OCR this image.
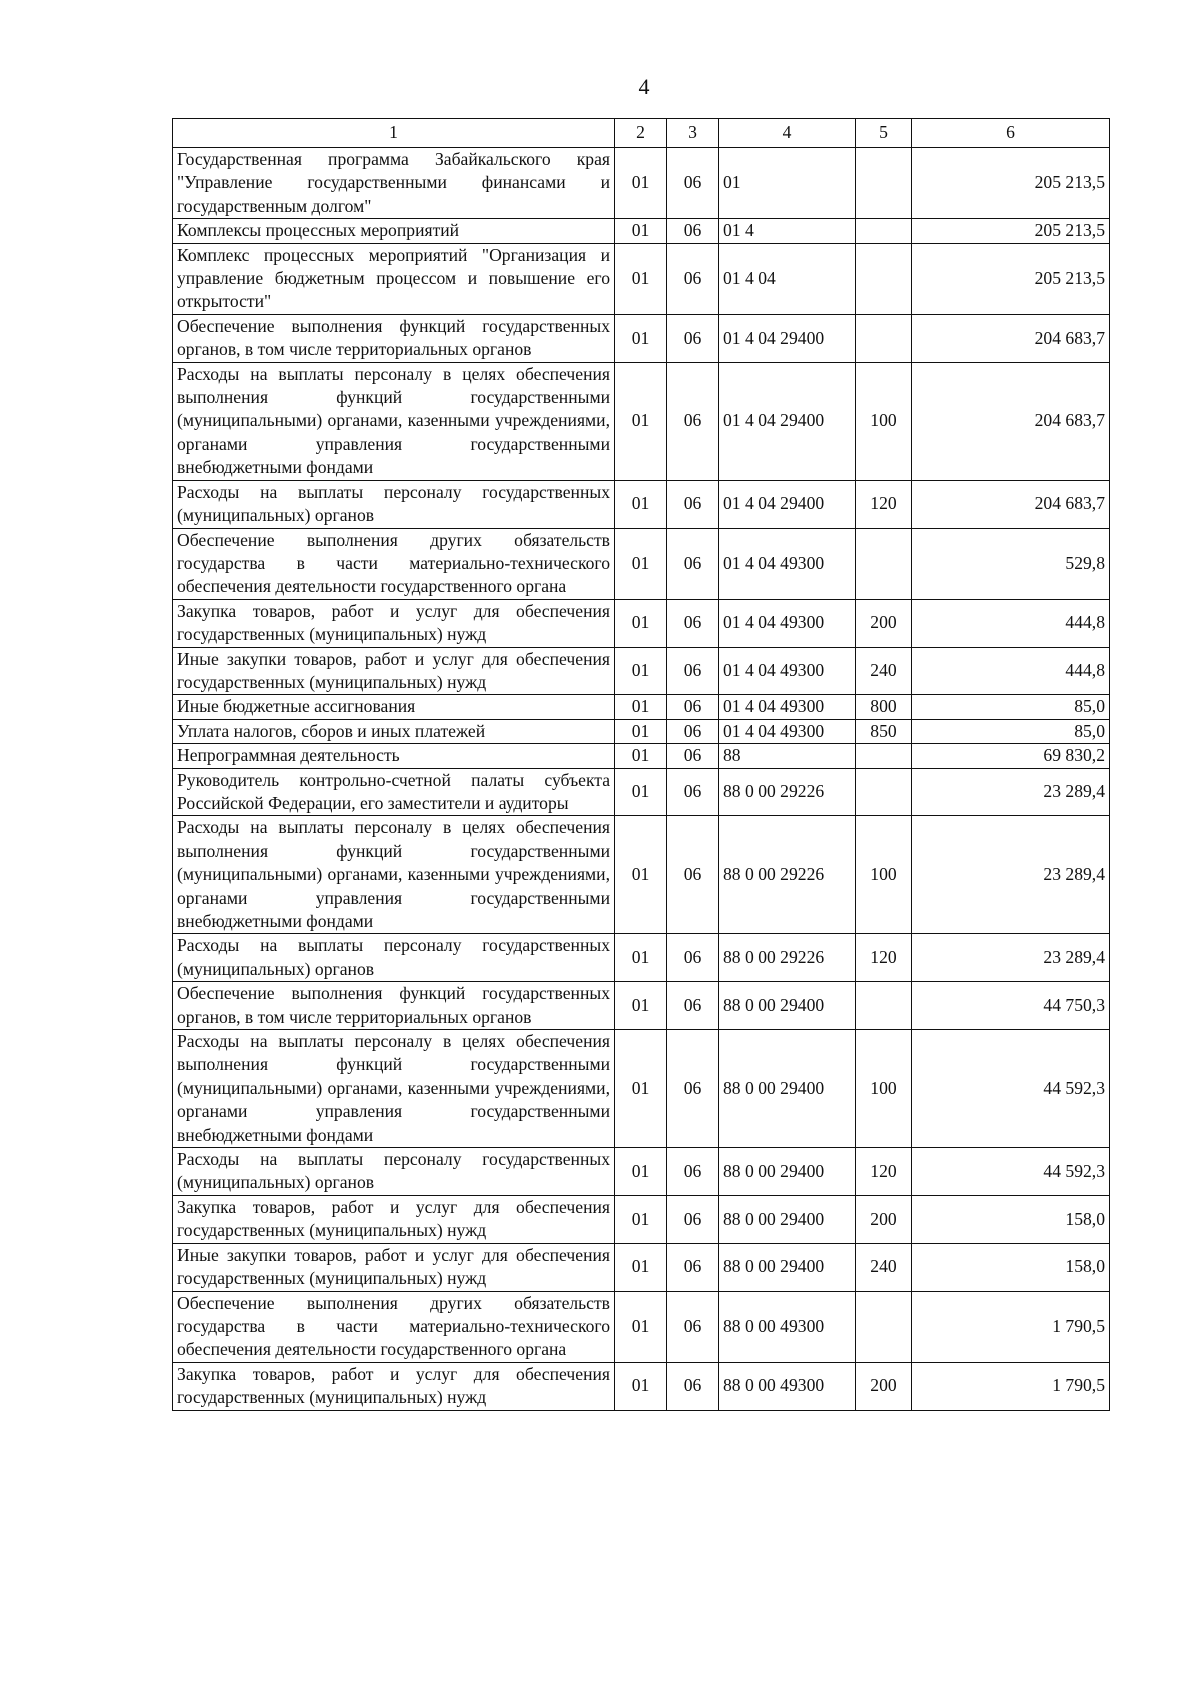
4
1	2	3	4	5	6
Государственная программа Забайкальского края "Управление государственными финансами и государственным долгом"	01	06	01		205 213,5
Комплексы процессных мероприятий	01	06	01 4		205 213,5
Комплекс процессных мероприятий "Организация и управление бюджетным процессом и повышение его открытости"	01	06	01 4 04		205 213,5
Обеспечение выполнения функций государственных органов, в том числе территориальных органов	01	06	01 4 04 29400		204 683,7
Расходы на выплаты персоналу в целях обеспечения выполнения функций государственными (муниципальными) органами, казенными учреждениями, органами управления государственными внебюджетными фондами	01	06	01 4 04 29400	100	204 683,7
Расходы на выплаты персоналу государственных (муниципальных) органов	01	06	01 4 04 29400	120	204 683,7
Обеспечение выполнения других обязательств государства в части материально-технического обеспечения деятельности государственного органа	01	06	01 4 04 49300		529,8
Закупка товаров, работ и услуг для обеспечения государственных (муниципальных) нужд	01	06	01 4 04 49300	200	444,8
Иные закупки товаров, работ и услуг для обеспечения государственных (муниципальных) нужд	01	06	01 4 04 49300	240	444,8
Иные бюджетные ассигнования	01	06	01 4 04 49300	800	85,0
Уплата налогов, сборов и иных платежей	01	06	01 4 04 49300	850	85,0
Непрограммная деятельность	01	06	88		69 830,2
Руководитель контрольно-счетной палаты субъекта Российской Федерации, его заместители и аудиторы	01	06	88 0 00 29226		23 289,4
Расходы на выплаты персоналу в целях обеспечения выполнения функций государственными (муниципальными) органами, казенными учреждениями, органами управления государственными внебюджетными фондами	01	06	88 0 00 29226	100	23 289,4
Расходы на выплаты персоналу государственных (муниципальных) органов	01	06	88 0 00 29226	120	23 289,4
Обеспечение выполнения функций государственных органов, в том числе территориальных органов	01	06	88 0 00 29400		44 750,3
Расходы на выплаты персоналу в целях обеспечения выполнения функций государственными (муниципальными) органами, казенными учреждениями, органами управления государственными внебюджетными фондами	01	06	88 0 00 29400	100	44 592,3
Расходы на выплаты персоналу государственных (муниципальных) органов	01	06	88 0 00 29400	120	44 592,3
Закупка товаров, работ и услуг для обеспечения государственных (муниципальных) нужд	01	06	88 0 00 29400	200	158,0
Иные закупки товаров, работ и услуг для обеспечения государственных (муниципальных) нужд	01	06	88 0 00 29400	240	158,0
Обеспечение выполнения других обязательств государства в части материально-технического обеспечения деятельности государственного органа	01	06	88 0 00 49300		1 790,5
Закупка товаров, работ и услуг для обеспечения государственных (муниципальных) нужд	01	06	88 0 00 49300	200	1 790,5
